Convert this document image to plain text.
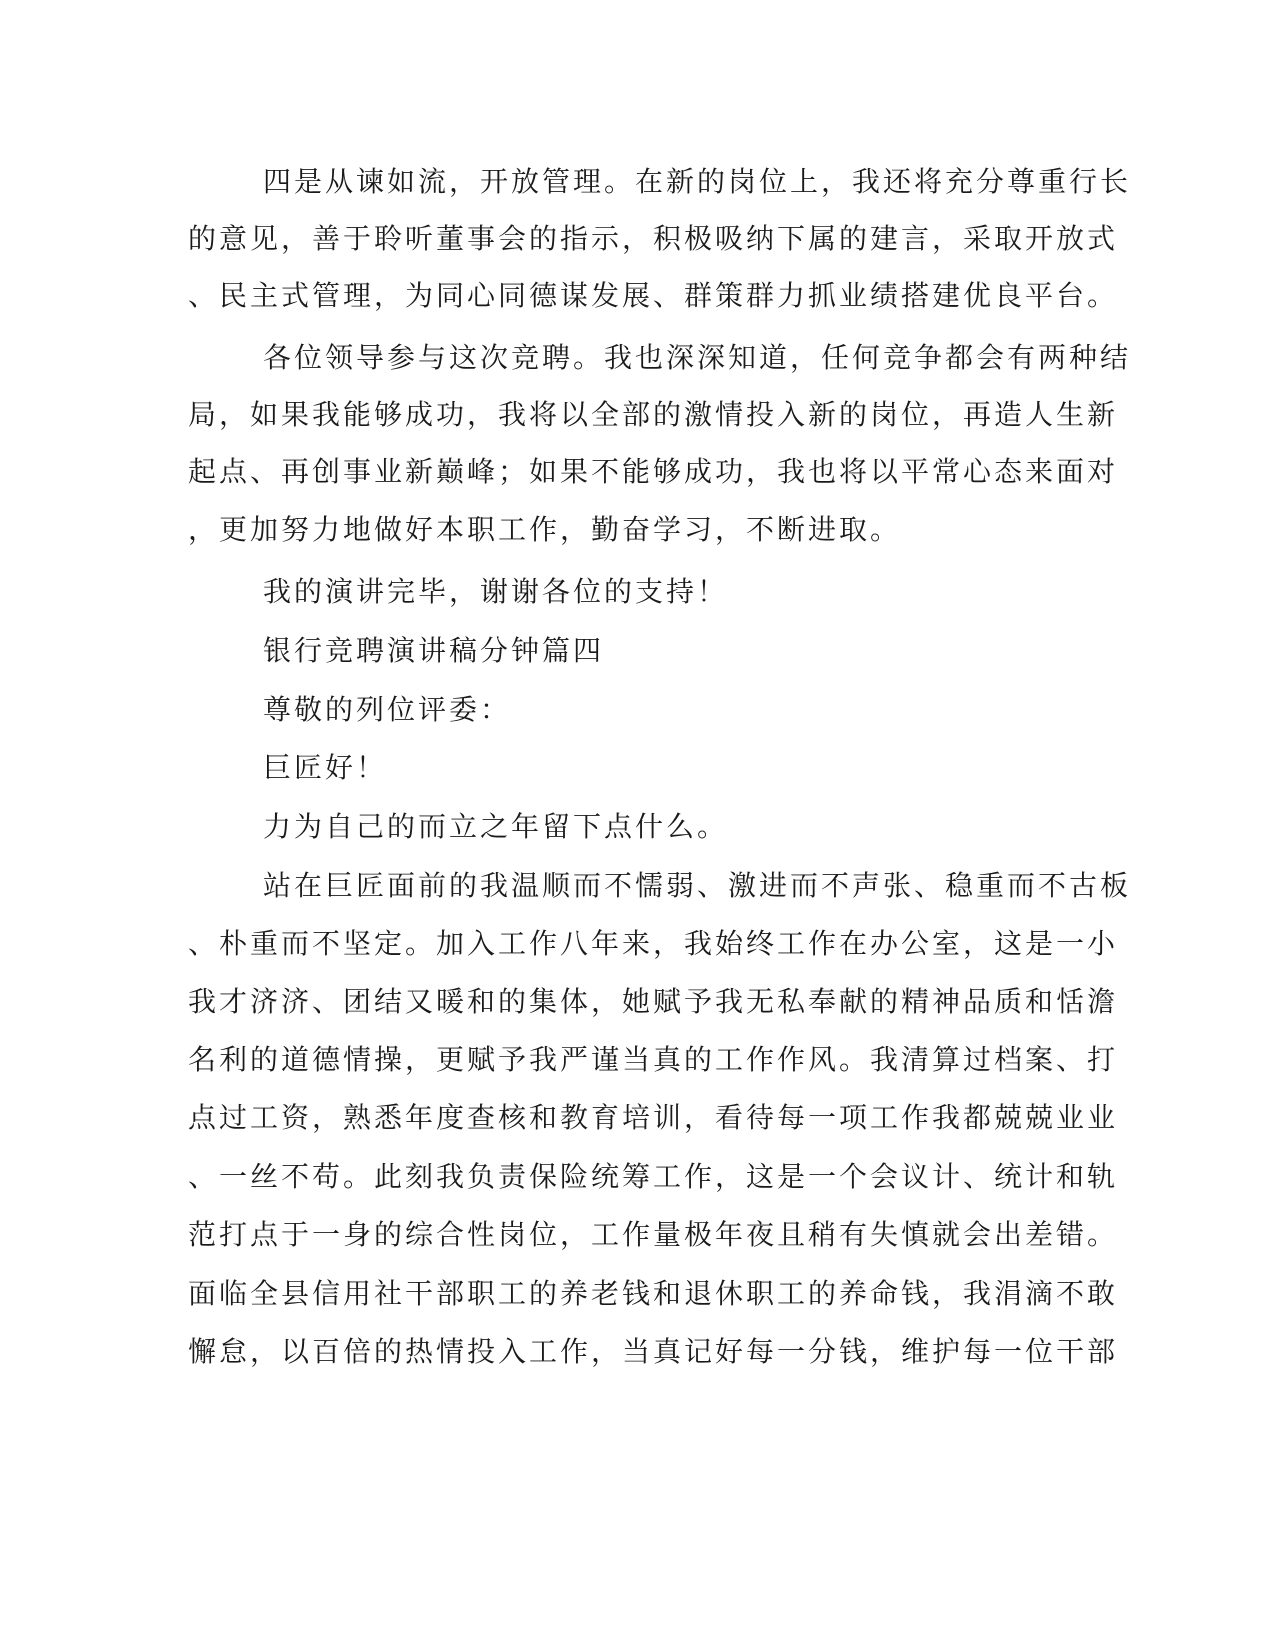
四是从谏如流，开放管理。在新的岗位上，我还将充分尊重行长
的意见，善于聆听董事会的指示，积极吸纳下属的建言，采取开放式
、民主式管理，为同心同德谋发展、群策群力抓业绩搭建优良平台。
各位领导参与这次竞聘。我也深深知道，任何竞争都会有两种结
局，如果我能够成功，我将以全部的激情投入新的岗位，再造人生新
起点、再创事业新巅峰；如果不能够成功，我也将以平常心态来面对
，更加努力地做好本职工作，勤奋学习，不断进取。
我的演讲完毕，谢谢各位的支持！
银行竞聘演讲稿分钟篇四
尊敬的列位评委：
巨匠好！
力为自己的而立之年留下点什么。
站在巨匠面前的我温顺而不懦弱、激进而不声张、稳重而不古板
、朴重而不坚定。加入工作八年来，我始终工作在办公室，这是一小
我才济济、团结又暖和的集体，她赋予我无私奉献的精神品质和恬澹
名利的道德情操，更赋予我严谨当真的工作作风。我清算过档案、打
点过工资，熟悉年度查核和教育培训，看待每一项工作我都兢兢业业
、一丝不苟。此刻我负责保险统筹工作，这是一个会议计、统计和轨
范打点于一身的综合性岗位，工作量极年夜且稍有失慎就会出差错。
面临全县信用社干部职工的养老钱和退休职工的养命钱，我涓滴不敢
懈怠，以百倍的热情投入工作，当真记好每一分钱，维护每一位干部
